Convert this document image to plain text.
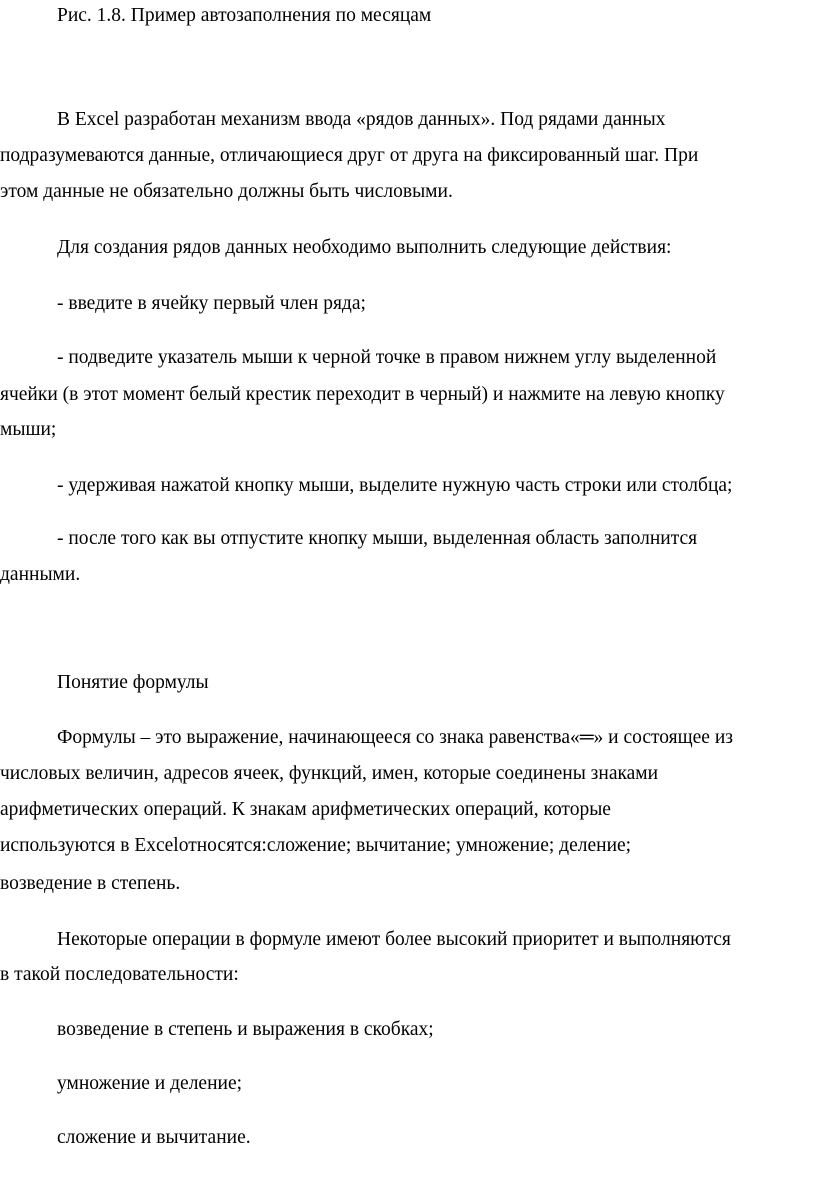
Рис. 1.8. Пример автозаполнения по месяцам
В Excel разработан механизм ввода «рядов данных». Под рядами данных
подразумеваются данные, отличающиеся друг от друга на фиксированный шаг. При
этом данные не обязательно должны быть числовыми.
Для создания рядов данных необходимо выполнить следующие действия:
- введите в ячейку первый член ряда;
- подведите указатель мыши к черной точке в правом нижнем углу выделенной
ячейки (в этот момент белый крестик переходит в черный) и нажмите на левую кнопку
мыши;
- удерживая нажатой кнопку мыши, выделите нужную часть строки или столбца;
- после того как вы отпустите кнопку мыши, выделенная область заполнится
данными.
Понятие формулы
Формулы – это выражение, начинающееся со знака равенства«═» и состоящее из
числовых величин, адресов ячеек, функций, имен, которые соединены знаками
арифметических операций. К знакам арифметических операций, которые
используются в Excelотносятся:сложение; вычитание; умножение; деление;
возведение в степень.
Некоторые операции в формуле имеют более высокий приоритет и выполняются
в такой последовательности:
возведение в степень и выражения в скобках;
умножение и деление;
сложение и вычитание.
